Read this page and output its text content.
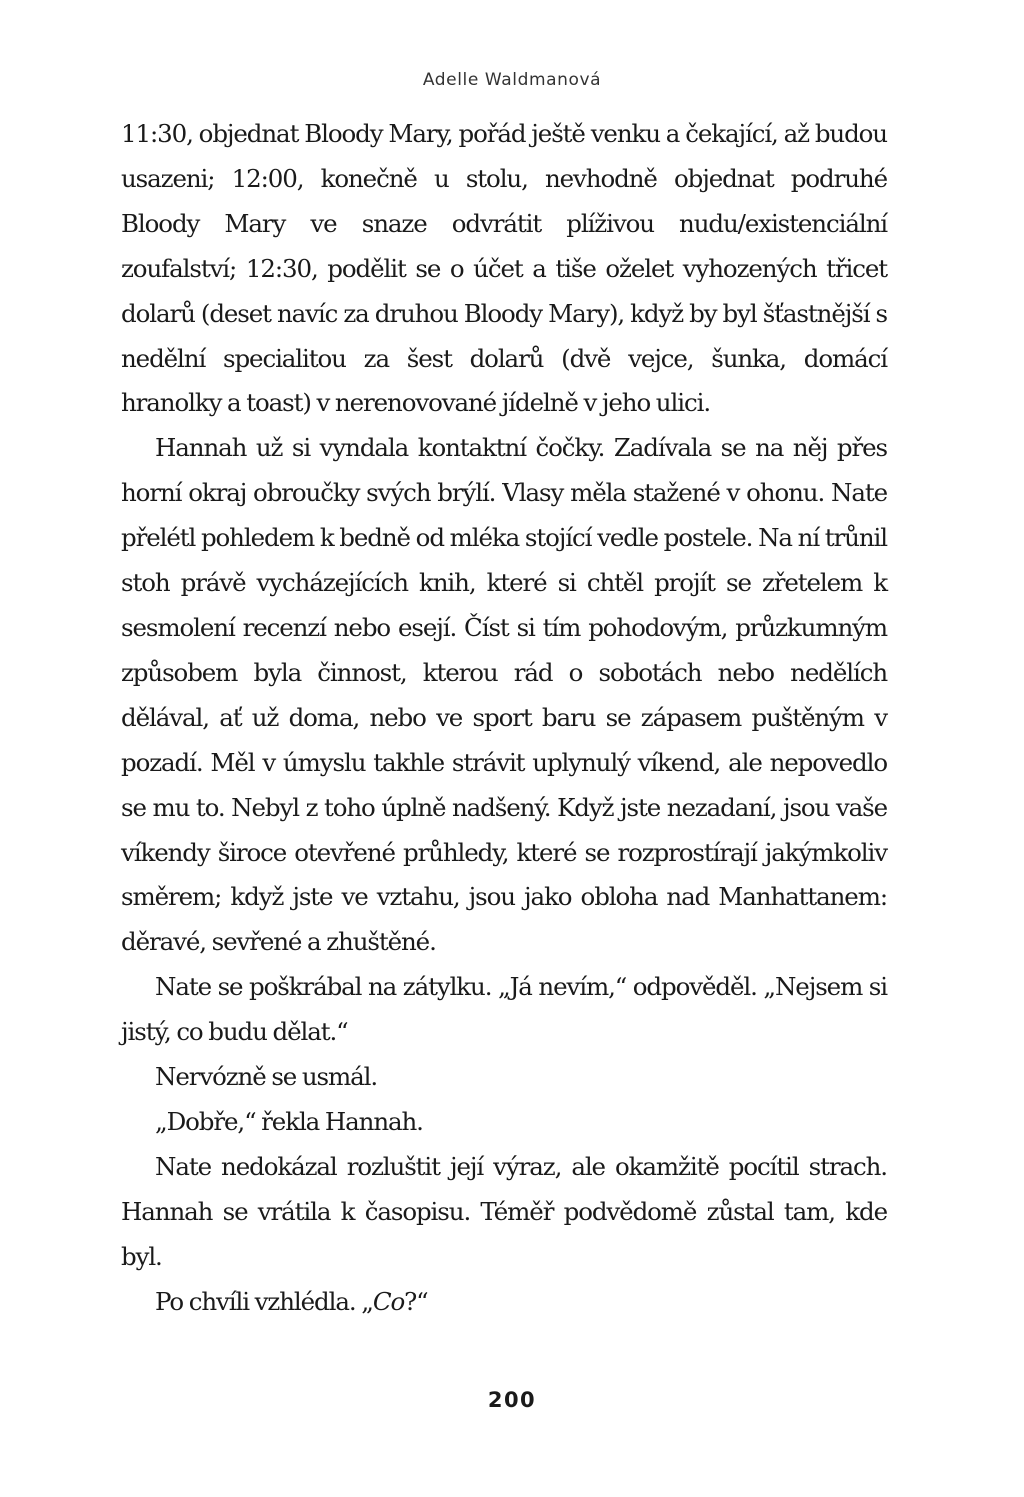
Adelle Waldmanová

11:30, objednat Bloody Mary, pořád ještě venku a čekající, až budou usazeni; 12:00, konečně u stolu, nevhodně objednat podruhé Bloody Mary ve snaze odvrátit plíživou nudu/existenciální zoufalství; 12:30, podělit se o účet a tiše oželet vyhozených třicet dolarů (deset navíc za druhou Bloody Mary), když by byl šťastnější s nedělní specialitou za šest dolarů (dvě vejce, šunka, domácí hranolky a toast) v nerenovované jídelně v jeho ulici.

Hannah už si vyndala kontaktní čočky. Zadívala se na něj přes horní okraj obroučky svých brýlí. Vlasy měla stažené v ohonu. Nate přelétl pohledem k bedně od mléka stojící vedle postele. Na ní trůnil stoh právě vycházejících knih, které si chtěl projít se zřetelem k sesmolení recenzí nebo esejí. Číst si tím pohodovým, průzkumným způsobem byla činnost, kterou rád o sobotách nebo nedělích dělával, ať už doma, nebo ve sport baru se zápasem puštěným v pozadí. Měl v úmyslu takhle strávit uplynulý víkend, ale nepovedlo se mu to. Nebyl z toho úplně nadšený. Když jste nezadaní, jsou vaše víkendy široce otevřené průhledy, které se rozprostírají jakýmkoliv směrem; když jste ve vztahu, jsou jako obloha nad Manhattanem: děravé, sevřené a zhuštěné.

Nate se poškrábal na zátylku. „Já nevím,“ odpověděl. „Nejsem si jistý, co budu dělat.“

Nervózně se usmál.

„Dobře,“ řekla Hannah.

Nate nedokázal rozluštit její výraz, ale okamžitě pocítil strach. Hannah se vrátila k časopisu. Téměř podvědomě zůstal tam, kde byl.

Po chvíli vzhlédla. „Co?“

200
